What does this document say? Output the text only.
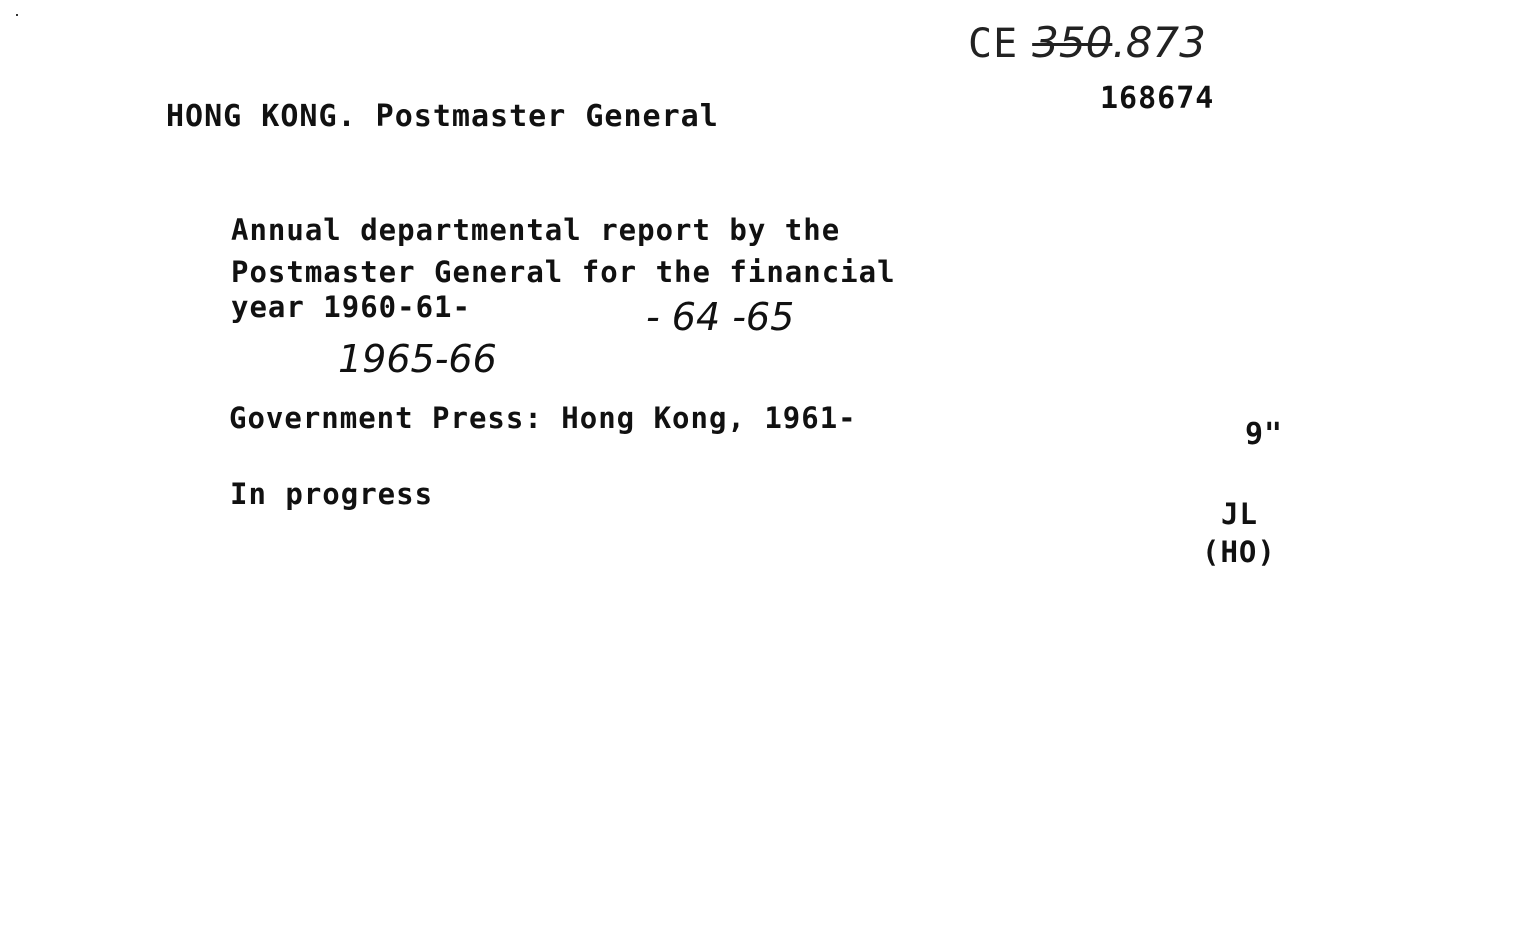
CE 350.873
168674
HONG KONG. Postmaster General
Annual departmental report by the
Postmaster General for the financial
year 1960-61-	- 64 -65
1965-66
Government Press: Hong Kong, 1961-	9"
In progress
JL
(HO)
